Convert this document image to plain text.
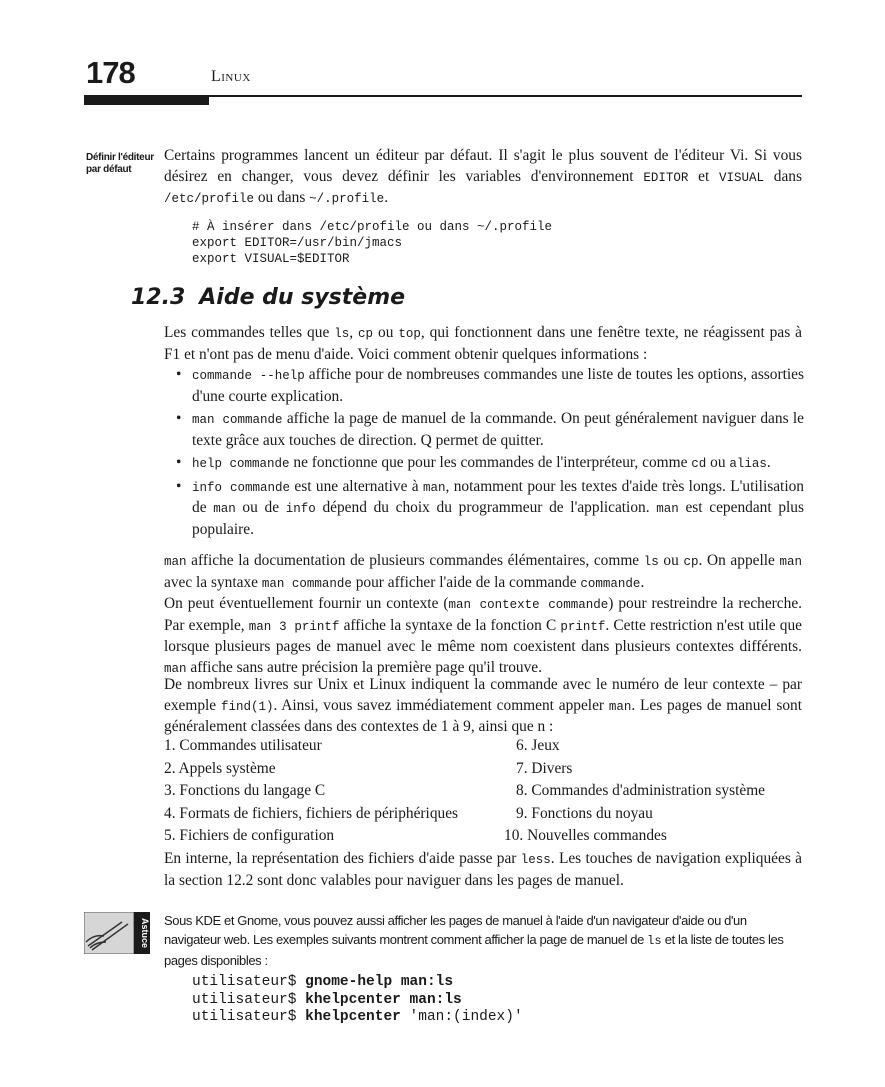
178	Linux
Définir l'éditeur par défaut
Certains programmes lancent un éditeur par défaut. Il s'agit le plus souvent de l'éditeur Vi. Si vous désirez en changer, vous devez définir les variables d'environnement EDITOR et VISUAL dans /etc/profile ou dans ~/.profile.

# À insérer dans /etc/profile ou dans ~/.profile
export EDITOR=/usr/bin/jmacs
export VISUAL=$EDITOR
12.3 Aide du système
Les commandes telles que ls, cp ou top, qui fonctionnent dans une fenêtre texte, ne réagissent pas à F1 et n'ont pas de menu d'aide. Voici comment obtenir quelques informations :
• commande --help affiche pour de nombreuses commandes une liste de toutes les options, assorties d'une courte explication.
• man commande affiche la page de manuel de la commande. On peut généralement naviguer dans le texte grâce aux touches de direction. Q permet de quitter.
• help commande ne fonctionne que pour les commandes de l'interpréteur, comme cd ou alias.
• info commande est une alternative à man, notamment pour les textes d'aide très longs. L'utilisation de man ou de info dépend du choix du programmeur de l'application. man est cependant plus populaire.
man affiche la documentation de plusieurs commandes élémentaires, comme ls ou cp. On appelle man avec la syntaxe man commande pour afficher l'aide de la commande commande.
On peut éventuellement fournir un contexte (man contexte commande) pour restreindre la recherche. Par exemple, man 3 printf affiche la syntaxe de la fonction C printf. Cette restriction n'est utile que lorsque plusieurs pages de manuel avec le même nom coexistent dans plusieurs contextes différents. man affiche sans autre précision la première page qu'il trouve.
De nombreux livres sur Unix et Linux indiquent la commande avec le numéro de leur contexte – par exemple find(1). Ainsi, vous savez immédiatement comment appeler man. Les pages de manuel sont généralement classées dans des contextes de 1 à 9, ainsi que n :
1. Commandes utilisateur	6. Jeux
2. Appels système	7. Divers
3. Fonctions du langage C	8. Commandes d'administration système
4. Formats de fichiers, fichiers de périphériques	9. Fonctions du noyau
5. Fichiers de configuration	10. Nouvelles commandes
En interne, la représentation des fichiers d'aide passe par less. Les touches de navigation expliquées à la section 12.2 sont donc valables pour naviguer dans les pages de manuel.
Astuce Sous KDE et Gnome, vous pouvez aussi afficher les pages de manuel à l'aide d'un navigateur d'aide ou d'un navigateur web. Les exemples suivants montrent comment afficher la page de manuel de ls et la liste de toutes les pages disponibles :
utilisateur$ gnome-help man:ls
utilisateur$ khelpcenter man:ls
utilisateur$ khelpcenter 'man:(index)'
